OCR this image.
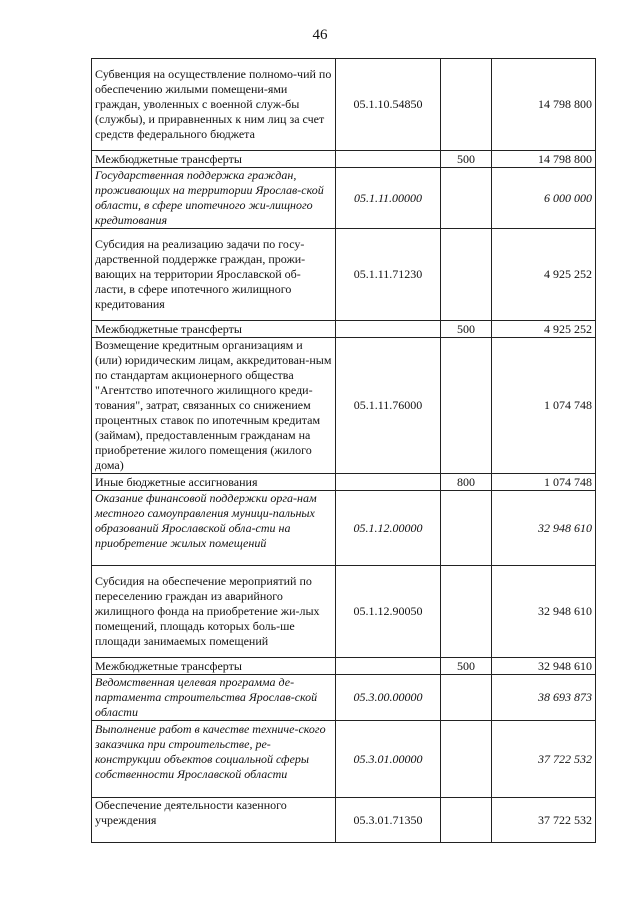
46
Субвенция на осуществление полномо-чий по обеспечению жилыми помещени-ями граждан, уволенных с военной служ-бы (службы), и приравненных к ним лиц за счет средств федерального бюджета	05.1.10.54850		14 798 800
Межбюджетные трансферты		500	14 798 800
Государственная поддержка граждан, проживающих на территории Ярослав-ской области, в сфере ипотечного жи-лищного кредитования	05.1.11.00000		6 000 000
Субсидия на реализацию задачи по госу-дарственной поддержке граждан, прожи-вающих на территории Ярославской об-ласти, в сфере ипотечного жилищного кредитования	05.1.11.71230		4 925 252
Межбюджетные трансферты		500	4 925 252
Возмещение кредитным организациям и (или) юридическим лицам, аккредитован-ным по стандартам акционерного общества "Агентство ипотечного жилищного креди-тования", затрат, связанных со снижением процентных ставок по ипотечным кредитам (займам), предоставленным гражданам на приобретение жилого помещения (жилого дома)	05.1.11.76000		1 074 748
Иные бюджетные ассигнования		800	1 074 748
Оказание финансовой поддержки орга-нам местного самоуправления муници-пальных образований Ярославской обла-сти на приобретение жилых помещений	05.1.12.00000		32 948 610
Субсидия на обеспечение мероприятий по переселению граждан из аварийного жилищного фонда на приобретение жи-лых помещений, площадь которых боль-ше площади занимаемых помещений	05.1.12.90050		32 948 610
Межбюджетные трансферты		500	32 948 610
Ведомственная целевая программа де-партамента строительства Ярослав-ской области	05.3.00.00000		38 693 873
Выполнение работ в качестве техниче-ского заказчика при строительстве, ре-конструкции объектов социальной сферы собственности Ярославской области	05.3.01.00000		37 722 532
Обеспечение деятельности казенного учреждения	05.3.01.71350		37 722 532
